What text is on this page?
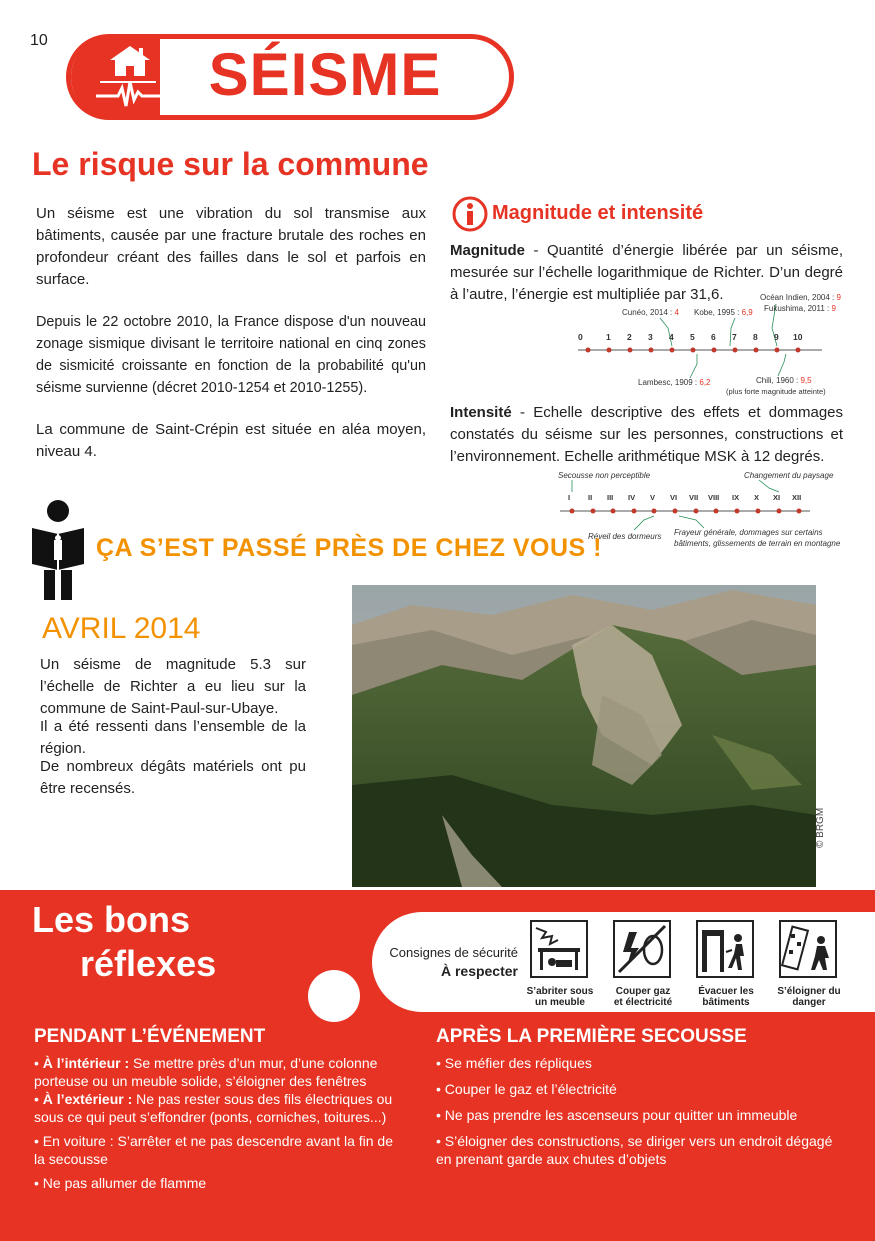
10
SÉISME
Le risque sur la commune
Un séisme est une vibration du sol transmise aux bâtiments, causée par une fracture brutale des roches en profondeur créant des failles dans le sol et parfois en surface.
Depuis le 22 octobre 2010, la France dispose d'un nouveau zonage sismique divisant le territoire national en cinq zones de sismicité croissante en fonction de la probabilité qu'un séisme survienne (décret 2010-1254 et 2010-1255).
La commune de Saint-Crépin est située en aléa moyen, niveau 4.
Magnitude et intensité
Magnitude - Quantité d’énergie libérée par un séisme, mesurée sur l’échelle logarithmique de Richter. D’un degré à l’autre, l’énergie est multipliée par 31,6.
0	1 2 3 4 5 6 7 8 9 10
Cunéo, 2014 : 4 Kobe, 1995 : 6,9
Océan Indien, 2004 : 9
Fukushima, 2011 : 9
Lambesc, 1909 : 6,2	Chili, 1960 : 9,5
(plus forte magnitude atteinte)
Intensité - Echelle descriptive des effets et dommages constatés du séisme sur les personnes, constructions et l’environnement. Echelle arithmétique MSK à 12 degrés.
I II III IV V VI VII VIII IX X XI XII
Secousse non perceptible	Changement du paysage
Réveil des dormeurs Frayeur générale, dommages sur certains
bâtiments, glissements de terrain en montagne
ÇA S’EST PASSÉ PRÈS DE CHEZ VOUS !
AVRIL 2014
Un séisme de magnitude 5.3 sur l’échelle de Richter a eu lieu sur la commune de Saint-Paul-sur-Ubaye.
Il a été ressenti dans l’ensemble de la région.
De nombreux dégâts matériels ont pu être recensés.
© BRGM
Les bons
réflexes	Consignes de sécurité
À respecter
S’abriter sous
un meuble
Couper gaz
et électricité
Évacuer les
bâtiments
S’éloigner du
danger
PENDANT L’ÉVÉNEMENT
• À l’intérieur : Se mettre près d’un mur, d’une colonne porteuse ou un meuble solide, s’éloigner des fenêtres
• À l’extérieur : Ne pas rester sous des fils électriques ou sous ce qui peut s’effondrer (ponts, corniches, toitures...)
• En voiture : S’arrêter et ne pas descendre avant la fin de la secousse
• Ne pas allumer de flamme
APRÈS LA PREMIÈRE SECOUSSE
• Se méfier des répliques
• Couper le gaz et l’électricité
• Ne pas prendre les ascenseurs pour quitter un immeuble
• S’éloigner des constructions, se diriger vers un endroit dégagé en prenant garde aux chutes d’objets
